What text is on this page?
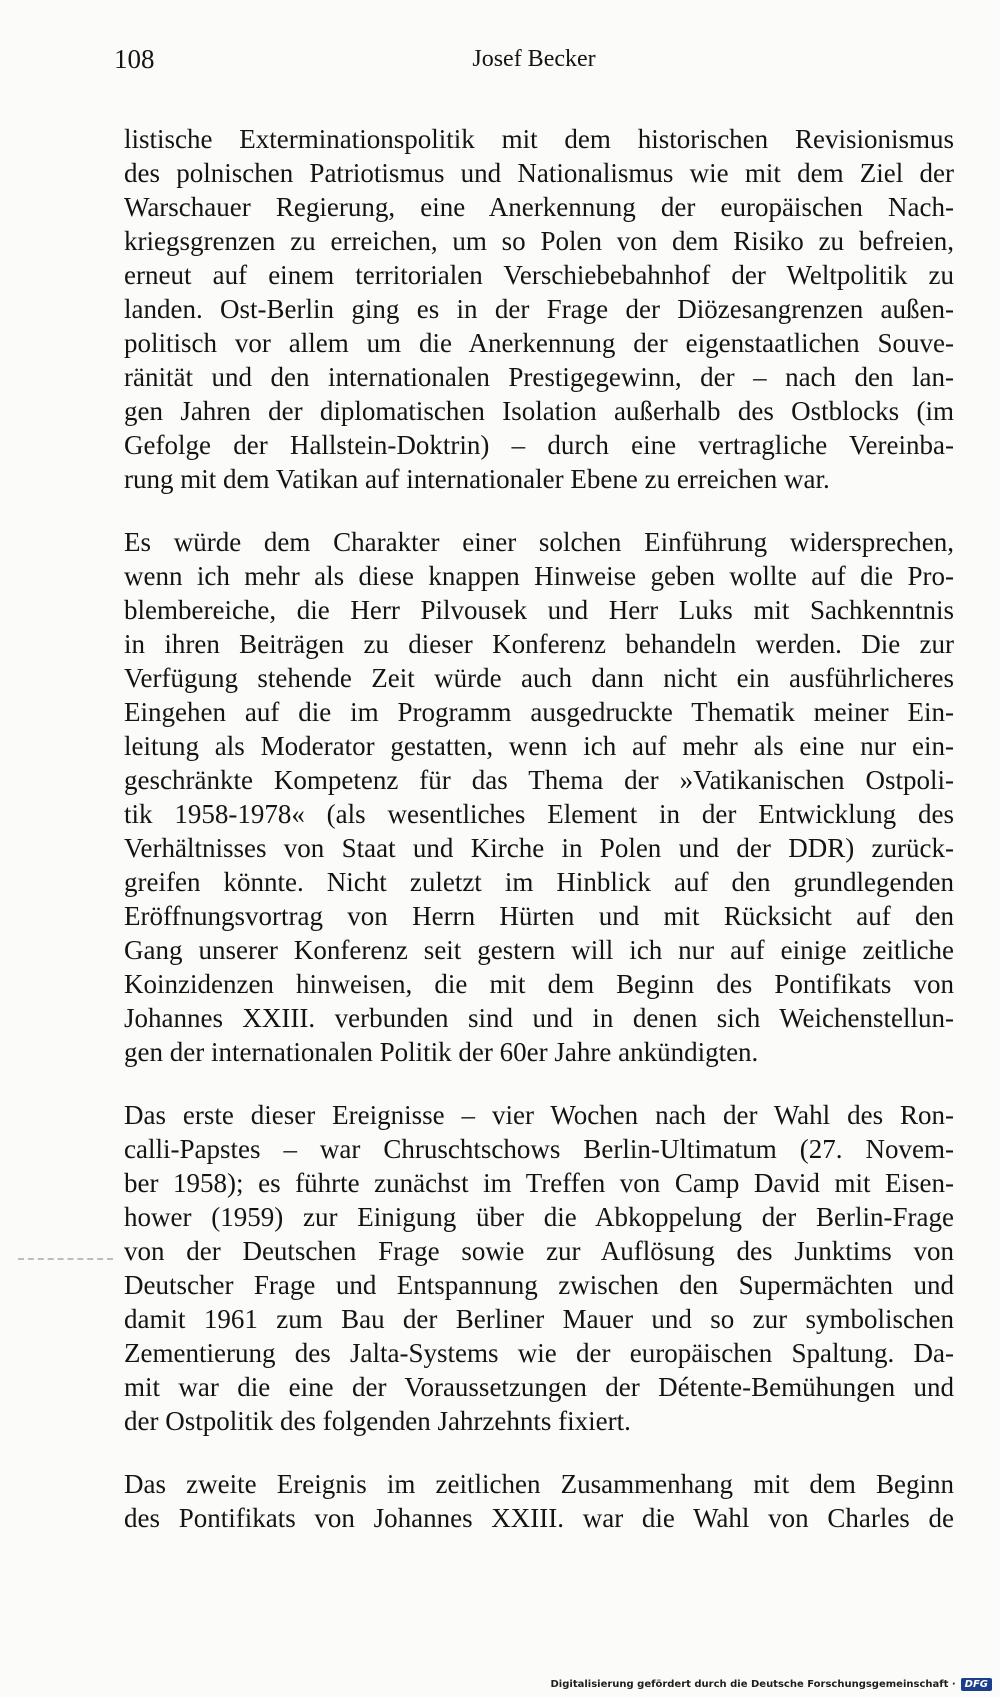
108	Josef Becker
listische Exterminationspolitik mit dem historischen Revisionismus
des polnischen Patriotismus und Nationalismus wie mit dem Ziel der
Warschauer Regierung, eine Anerkennung der europäischen Nach-
kriegsgrenzen zu erreichen, um so Polen von dem Risiko zu befreien,
erneut auf einem territorialen Verschiebebahnhof der Weltpolitik zu
landen. Ost-Berlin ging es in der Frage der Diözesangrenzen außen-
politisch vor allem um die Anerkennung der eigenstaatlichen Souve-
ränität und den internationalen Prestigegewinn, der – nach den lan-
gen Jahren der diplomatischen Isolation außerhalb des Ostblocks (im
Gefolge der Hallstein-Doktrin) – durch eine vertragliche Vereinba-
rung mit dem Vatikan auf internationaler Ebene zu erreichen war.
Es würde dem Charakter einer solchen Einführung widersprechen,
wenn ich mehr als diese knappen Hinweise geben wollte auf die Pro-
blembereiche, die Herr Pilvousek und Herr Luks mit Sachkenntnis
in ihren Beiträgen zu dieser Konferenz behandeln werden. Die zur
Verfügung stehende Zeit würde auch dann nicht ein ausführlicheres
Eingehen auf die im Programm ausgedruckte Thematik meiner Ein-
leitung als Moderator gestatten, wenn ich auf mehr als eine nur ein-
geschränkte Kompetenz für das Thema der »Vatikanischen Ostpoli-
tik 1958-1978« (als wesentliches Element in der Entwicklung des
Verhältnisses von Staat und Kirche in Polen und der DDR) zurück-
greifen könnte. Nicht zuletzt im Hinblick auf den grundlegenden
Eröffnungsvortrag von Herrn Hürten und mit Rücksicht auf den
Gang unserer Konferenz seit gestern will ich nur auf einige zeitliche
Koinzidenzen hinweisen, die mit dem Beginn des Pontifikats von
Johannes XXIII. verbunden sind und in denen sich Weichenstellun-
gen der internationalen Politik der 60er Jahre ankündigten.
Das erste dieser Ereignisse – vier Wochen nach der Wahl des Ron-
calli-Papstes – war Chruschtschows Berlin-Ultimatum (27. Novem-
ber 1958); es führte zunächst im Treffen von Camp David mit Eisen-
hower (1959) zur Einigung über die Abkoppelung der Berlin-Frage
von der Deutschen Frage sowie zur Auflösung des Junktims von
Deutscher Frage und Entspannung zwischen den Supermächten und
damit 1961 zum Bau der Berliner Mauer und so zur symbolischen
Zementierung des Jalta-Systems wie der europäischen Spaltung. Da-
mit war die eine der Voraussetzungen der Détente-Bemühungen und
der Ostpolitik des folgenden Jahrzehnts fixiert.
Das zweite Ereignis im zeitlichen Zusammenhang mit dem Beginn
des Pontifikats von Johannes XXIII. war die Wahl von Charles de
Digitalisierung gefördert durch die Deutsche Forschungsgemeinschaft · DFG
